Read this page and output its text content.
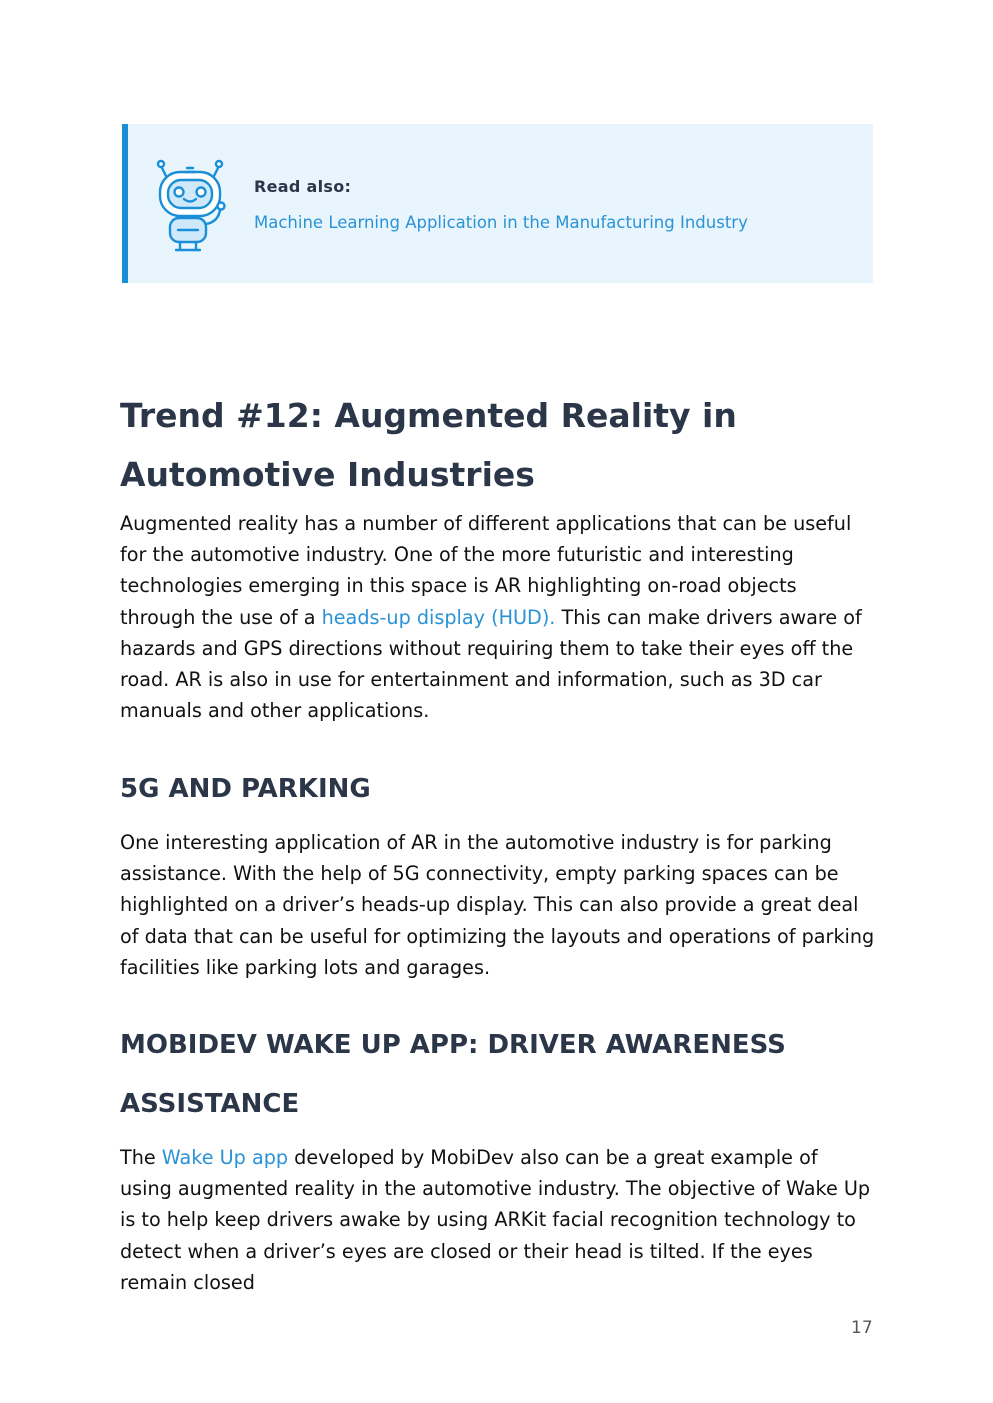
Read also:
Machine Learning Application in the Manufacturing Industry
Trend #12: Augmented Reality in Automotive Industries

Augmented reality has a number of different applications that can be useful for the automotive industry. One of the more futuristic and interesting technologies emerging in this space is AR highlighting on-road objects through the use of a heads-up display (HUD). This can make drivers aware of hazards and GPS directions without requiring them to take their eyes off the road. AR is also in use for entertainment and information, such as 3D car manuals and other applications.

5G AND PARKING

One interesting application of AR in the automotive industry is for parking assistance. With the help of 5G connectivity, empty parking spaces can be highlighted on a driver’s heads-up display. This can also provide a great deal of data that can be useful for optimizing the layouts and operations of parking facilities like parking lots and garages.

MOBIDEV WAKE UP APP: DRIVER AWARENESS ASSISTANCE

The Wake Up app developed by MobiDev also can be a great example of using augmented reality in the automotive industry. The objective of Wake Up is to help keep drivers awake by using ARKit facial recognition technology to detect when a driver’s eyes are closed or their head is tilted. If the eyes remain closed

17
